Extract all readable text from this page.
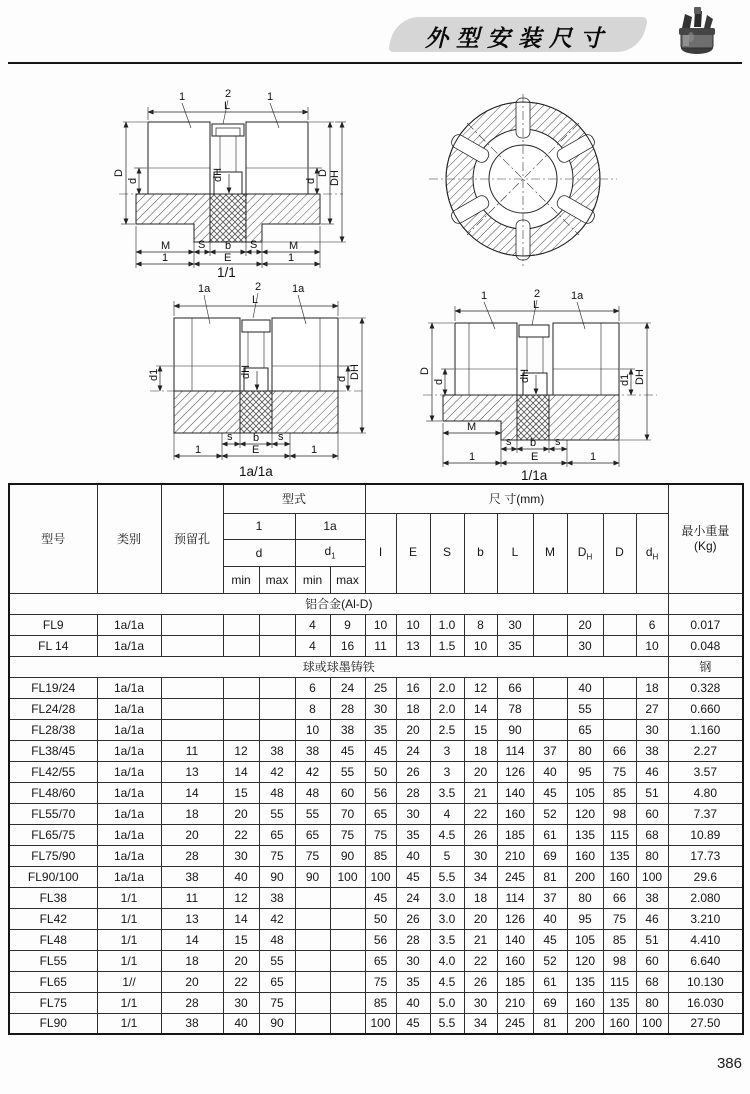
外型安装尺寸
1	2	1
L
D
d	dH	d
D DH
M	S b S	M
1	E	1
1/1
1a	2	1a
L
d1	dH	d DH
s b s
1	E	1
1a/1a
1	2	1a
L
D
d	dH	d1 DH
M
s b s
1	E	1
1/1a
型号	类别	预留孔	型式				尺 寸(mm)									最小重量
(Kg)

			1		1a		I	E	S	b	L	M	$D_H$	D	$d_H$
			d		$d_1$
			min	max	min	max										
铝合金(Al-D)																
FL9	1a/1a				4	9	10	10	1.0	8	30		20		6	0.017
FL 14	1a/1a				4	16	11	13	1.5	10	35		30		10	0.048
球或球墨铸铁																钢
FL19/24	1a/1a				6	24	25	16	2.0	12	66		40		18	0.328
FL24/28	1a/1a				8	28	30	18	2.0	14	78		55		27	0.660
FL28/38	1a/1a				10	38	35	20	2.5	15	90		65		30	1.160
FL38/45	1a/1a	11	12	38	38	45	45	24	3	18	114	37	80	66	38	2.27
FL42/55	1a/1a	13	14	42	42	55	50	26	3	20	126	40	95	75	46	3.57
FL48/60	1a/1a	14	15	48	48	60	56	28	3.5	21	140	45	105	85	51	4.80
FL55/70	1a/1a	18	20	55	55	70	65	30	4	22	160	52	120	98	60	7.37
FL65/75	1a/1a	20	22	65	65	75	75	35	4.5	26	185	61	135	115	68	10.89
FL75/90	1a/1a	28	30	75	75	90	85	40	5	30	210	69	160	135	80	17.73
FL90/100	1a/1a	38	40	90	90	100	100	45	5.5	34	245	81	200	160	100	29.6
FL38	1/1	11	12	38			45	24	3.0	18	114	37	80	66	38	2.080
FL42	1/1	13	14	42			50	26	3.0	20	126	40	95	75	46	3.210
FL48	1/1	14	15	48			56	28	3.5	21	140	45	105	85	51	4.410
FL55	1/1	18	20	55			65	30	4.0	22	160	52	120	98	60	6.640
FL65	1//	20	22	65			75	35	4.5	26	185	61	135	115	68	10.130
FL75	1/1	28	30	75			85	40	5.0	30	210	69	160	135	80	16.030
FL90	1/1	38	40	90			100	45	5.5	34	245	81	200	160	100	27.50
386
